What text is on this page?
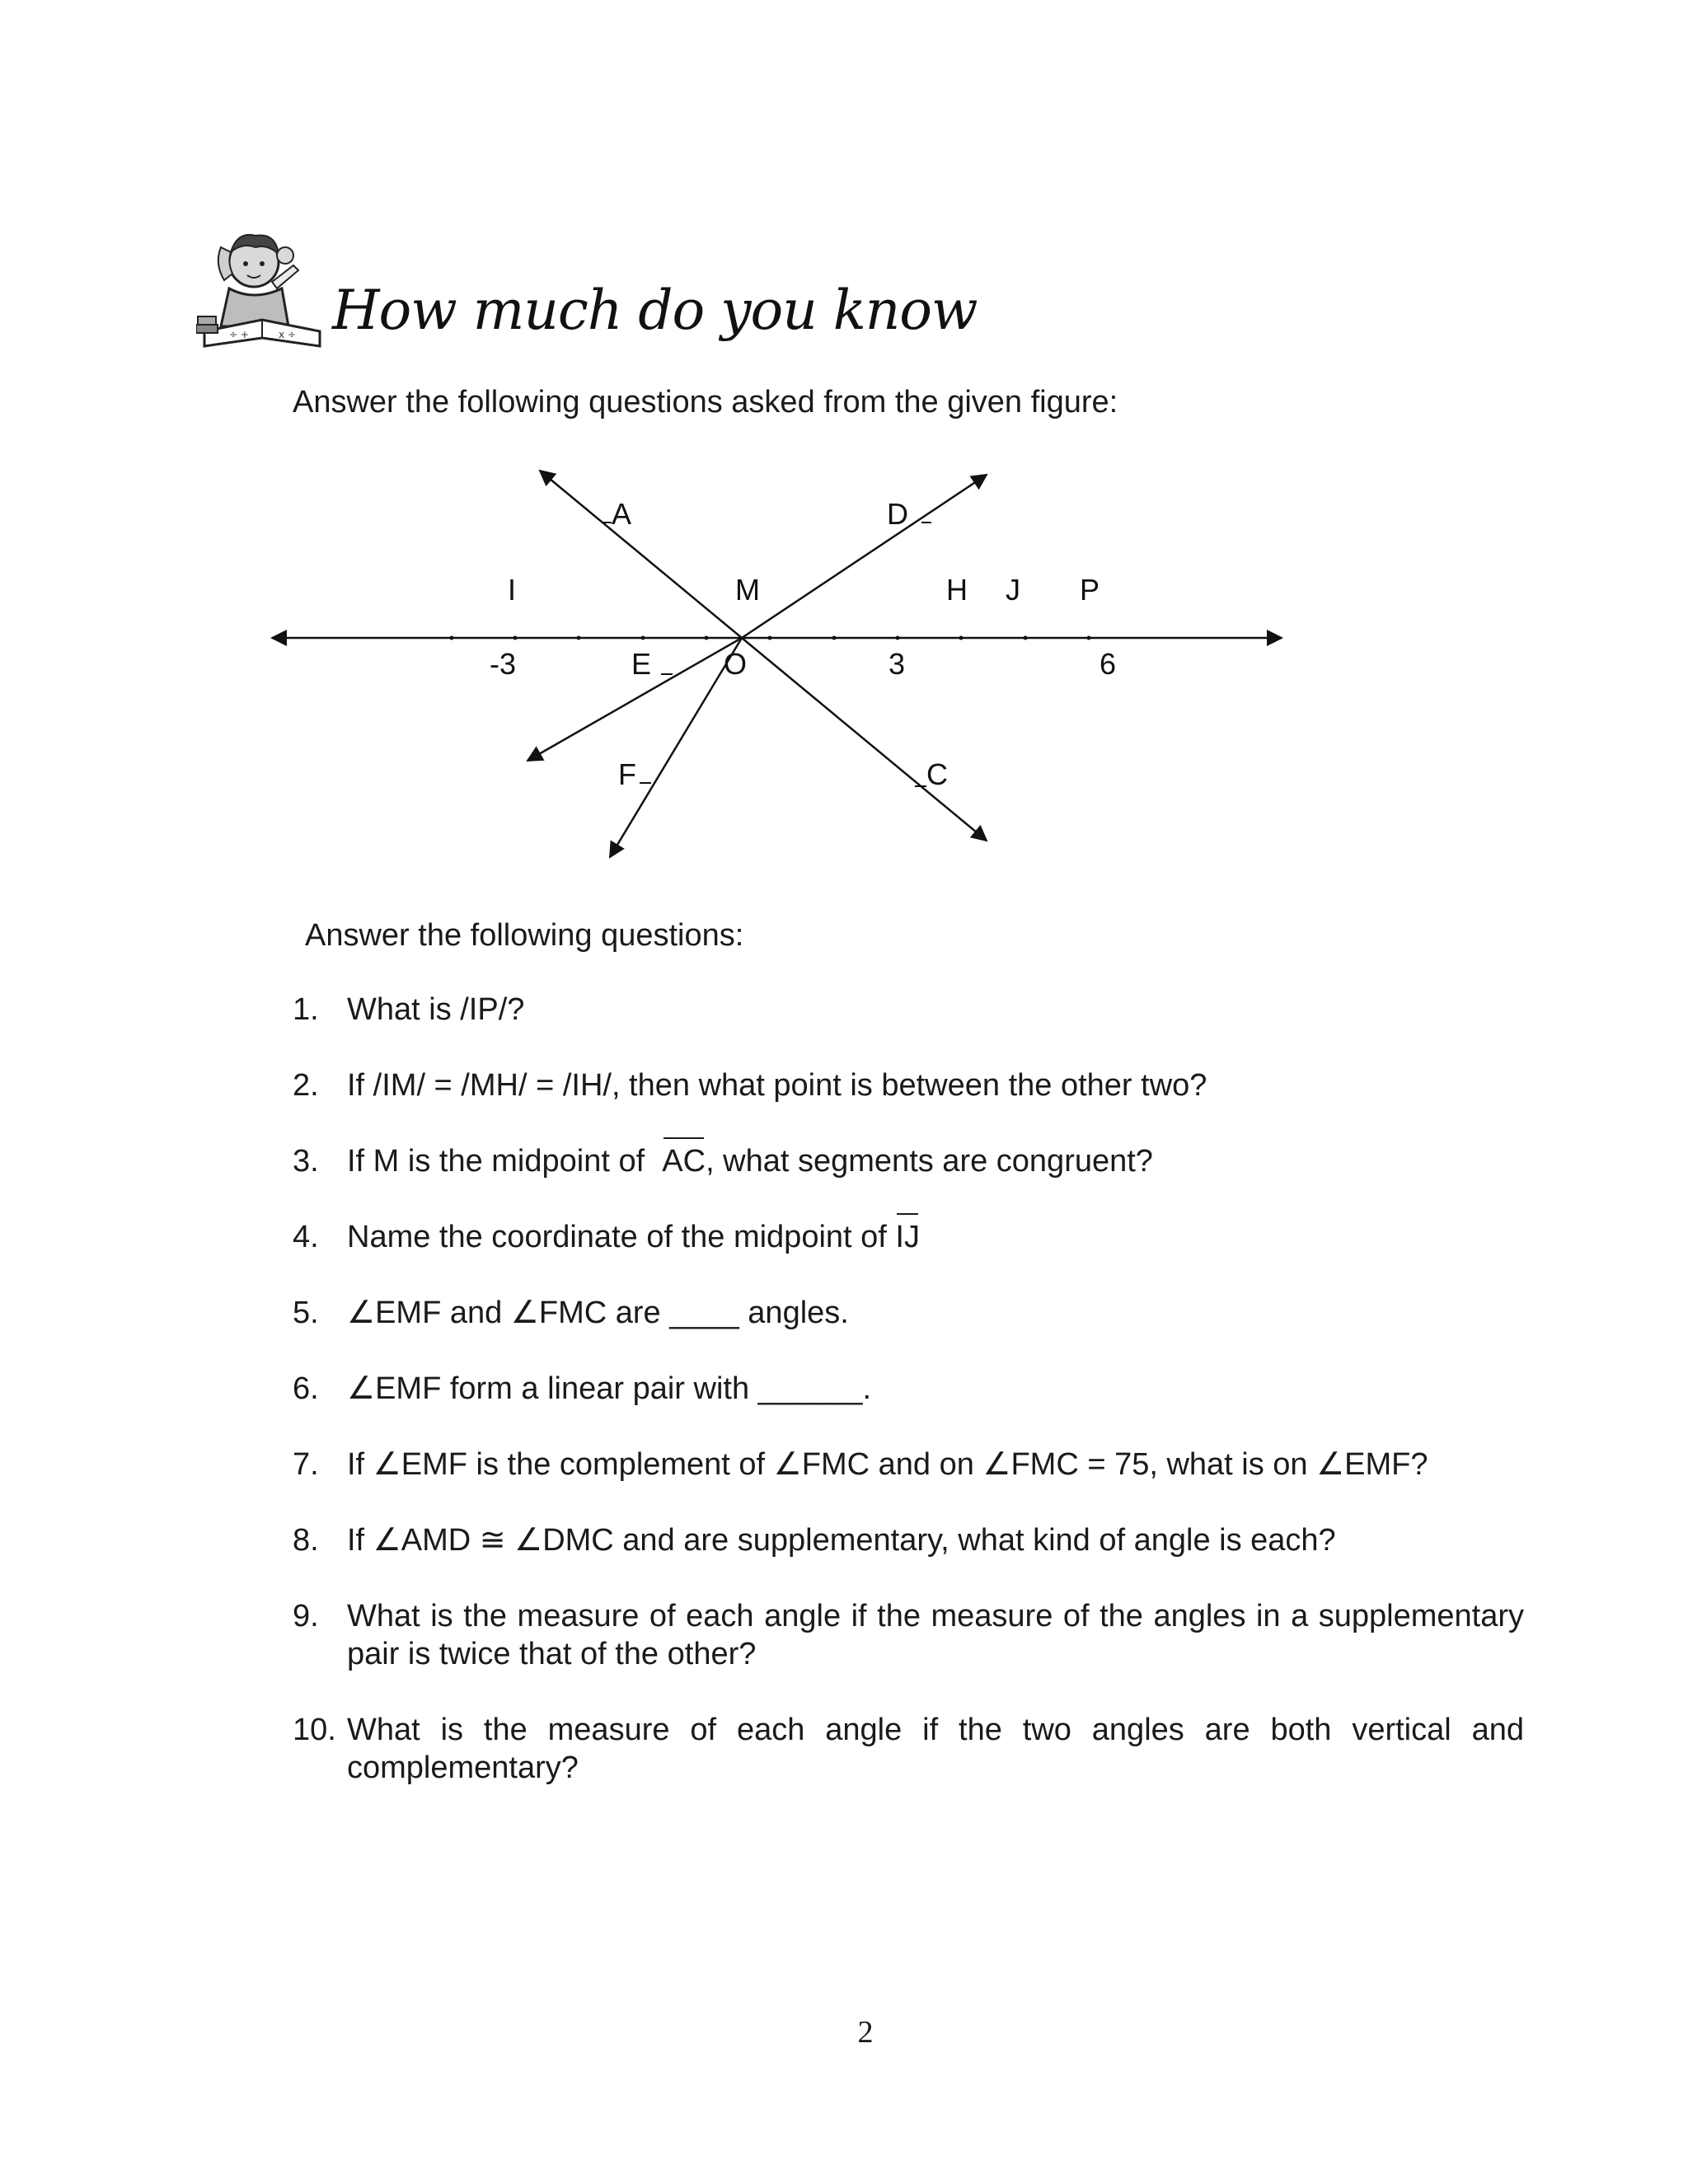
÷ +	x ÷ How much do you know
Answer the following questions asked from the given figure:
A	D
I	M	H J P
-3	E O	3	6
F	C
Answer the following questions:
1. What is /IP/?
2. If /IM/ = /MH/ = /IH/, then what point is between the other two?
3. If M is the midpoint of  AC, what segments are congruent?
4. Name the coordinate of the midpoint of IJ
5. ∠EMF and ∠FMC are ____ angles.
6. ∠EMF form a linear pair with ______.
7. If ∠EMF is the complement of ∠FMC and on ∠FMC = 75, what is on ∠EMF?
8. If ∠AMD ≅ ∠DMC and are supplementary, what kind of angle is each?
9. What is the measure of each angle if the measure of the angles in a supplementary pair is twice that of the other?
10. What is the measure of each angle if the two angles are both vertical and complementary?
2
